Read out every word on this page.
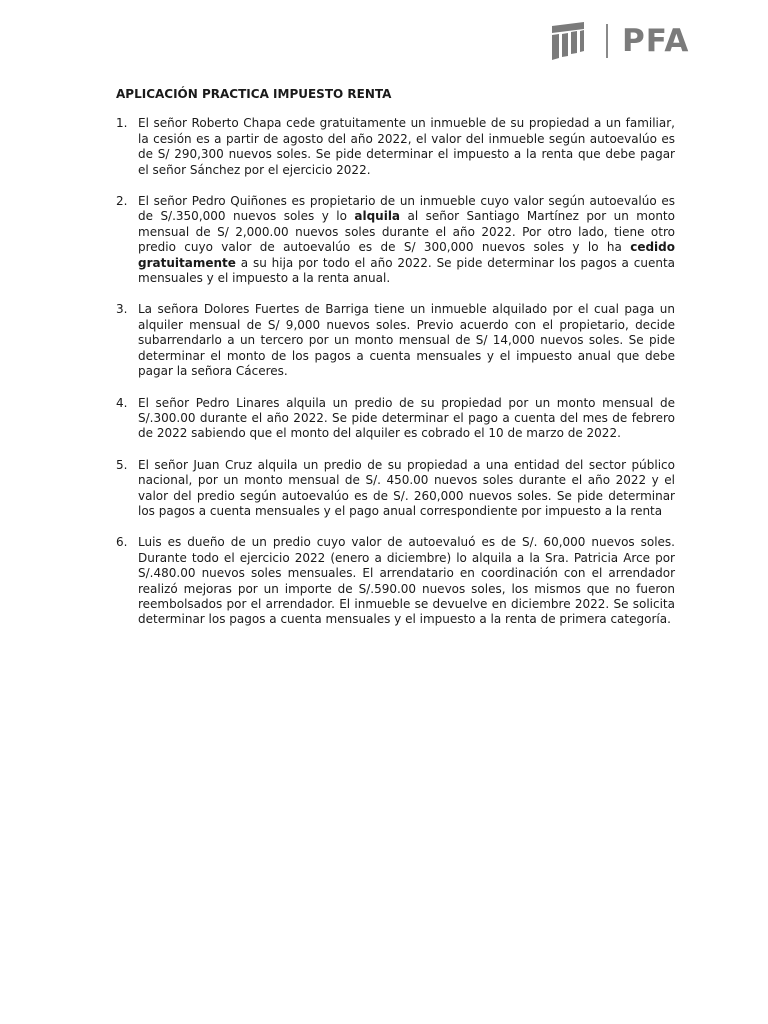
PFA
APLICACIÓN PRACTICA IMPUESTO RENTA
1. El señor Roberto Chapa cede gratuitamente un inmueble de su propiedad a un familiar, la cesión es a partir de agosto del año 2022, el valor del inmueble según autoevalúo es de S/ 290,300 nuevos soles. Se pide determinar el impuesto a la renta que debe pagar el señor Sánchez por el ejercicio 2022.
2. El señor Pedro Quiñones es propietario de un inmueble cuyo valor según autoevalúo es de S/.350,000 nuevos soles y lo alquila al señor Santiago Martínez por un monto mensual de S/ 2,000.00 nuevos soles durante el año 2022. Por otro lado, tiene otro predio cuyo valor de autoevalúo es de S/ 300,000 nuevos soles y lo ha cedido gratuitamente a su hija por todo el año 2022. Se pide determinar los pagos a cuenta mensuales y el impuesto a la renta anual.
3. La señora Dolores Fuertes de Barriga tiene un inmueble alquilado por el cual paga un alquiler mensual de S/ 9,000 nuevos soles. Previo acuerdo con el propietario, decide subarrendarlo a un tercero por un monto mensual de S/ 14,000 nuevos soles. Se pide determinar el monto de los pagos a cuenta mensuales y el impuesto anual que debe pagar la señora Cáceres.
4. El señor Pedro Linares alquila un predio de su propiedad por un monto mensual de S/.300.00 durante el año 2022. Se pide determinar el pago a cuenta del mes de febrero de 2022 sabiendo que el monto del alquiler es cobrado el 10 de marzo de 2022.
5. El señor Juan Cruz alquila un predio de su propiedad a una entidad del sector público nacional, por un monto mensual de S/. 450.00 nuevos soles durante el año 2022 y el valor del predio según autoevalúo es de S/. 260,000 nuevos soles. Se pide determinar los pagos a cuenta mensuales y el pago anual correspondiente por impuesto a la renta
6. Luis es dueño de un predio cuyo valor de autoevaluó es de S/. 60,000 nuevos soles. Durante todo el ejercicio 2022 (enero a diciembre) lo alquila a la Sra. Patricia Arce por S/.480.00 nuevos soles mensuales. El arrendatario en coordinación con el arrendador realizó mejoras por un importe de S/.590.00 nuevos soles, los mismos que no fueron reembolsados por el arrendador. El inmueble se devuelve en diciembre 2022. Se solicita determinar los pagos a cuenta mensuales y el impuesto a la renta de primera categoría.
